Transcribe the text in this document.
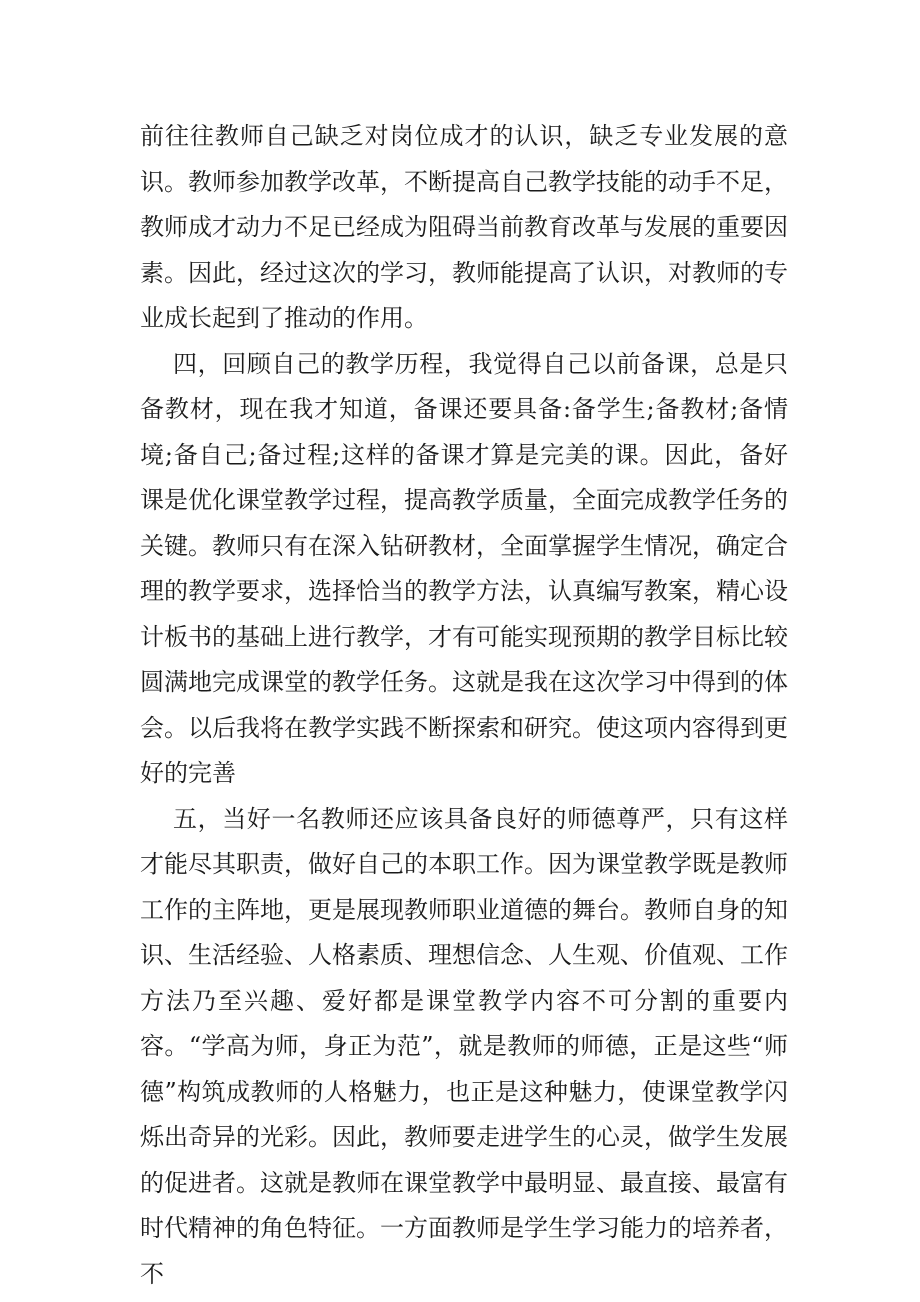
前往往教师自己缺乏对岗位成才的认识，缺乏专业发展的意识。教师参加教学改革，不断提高自己教学技能的动手不足，教师成才动力不足已经成为阻碍当前教育改革与发展的重要因素。因此，经过这次的学习，教师能提高了认识，对教师的专业成长起到了推动的作用。

四，回顾自己的教学历程，我觉得自己以前备课，总是只备教材，现在我才知道，备课还要具备:备学生;备教材;备情境;备自己;备过程;这样的备课才算是完美的课。因此，备好课是优化课堂教学过程，提高教学质量，全面完成教学任务的关键。教师只有在深入钻研教材，全面掌握学生情况，确定合理的教学要求，选择恰当的教学方法，认真编写教案，精心设计板书的基础上进行教学，才有可能实现预期的教学目标比较圆满地完成课堂的教学任务。这就是我在这次学习中得到的体会。以后我将在教学实践不断探索和研究。使这项内容得到更好的完善

五，当好一名教师还应该具备良好的师德尊严，只有这样才能尽其职责，做好自己的本职工作。因为课堂教学既是教师工作的主阵地，更是展现教师职业道德的舞台。教师自身的知识、生活经验、人格素质、理想信念、人生观、价值观、工作方法乃至兴趣、爱好都是课堂教学内容不可分割的重要内容。“学高为师，身正为范”，就是教师的师德，正是这些“师德”构筑成教师的人格魅力，也正是这种魅力，使课堂教学闪烁出奇异的光彩。因此，教师要走进学生的心灵，做学生发展的促进者。这就是教师在课堂教学中最明显、最直接、最富有时代精神的角色特征。一方面教师是学生学习能力的培养者，不
